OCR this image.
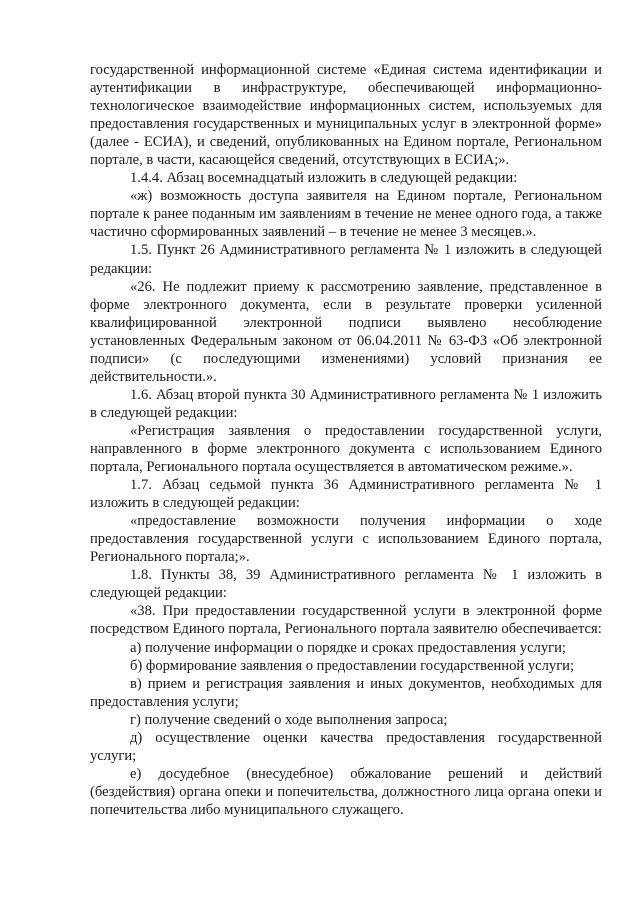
государственной информационной системе «Единая система идентификации и аутентификации в инфраструктуре, обеспечивающей информационно-технологическое взаимодействие информационных систем, используемых для предоставления государственных и муниципальных услуг в электронной форме» (далее - ЕСИА), и сведений, опубликованных на Едином портале, Региональном портале, в части, касающейся сведений, отсутствующих в ЕСИА;».

1.4.4. Абзац восемнадцатый изложить в следующей редакции:

«ж) возможность доступа заявителя на Едином портале, Региональном портале к ранее поданным им заявлениям в течение не менее одного года, а также частично сформированных заявлений – в течение не менее 3 месяцев.».

1.5. Пункт 26 Административного регламента № 1 изложить в следующей редакции:

«26. Не подлежит приему к рассмотрению заявление, представленное в форме электронного документа, если в результате проверки усиленной квалифицированной электронной подписи выявлено несоблюдение установленных Федеральным законом от 06.04.2011 № 63-ФЗ «Об электронной подписи» (с последующими изменениями) условий признания ее действительности.».

1.6. Абзац второй пункта 30 Административного регламента № 1 изложить в следующей редакции:

«Регистрация заявления о предоставлении государственной услуги, направленного в форме электронного документа с использованием Единого портала, Регионального портала осуществляется в автоматическом режиме.».

1.7. Абзац седьмой пункта 36 Административного регламента № 1 изложить в следующей редакции:

«предоставление возможности получения информации о ходе предоставления государственной услуги с использованием Единого портала, Регионального портала;».

1.8. Пункты 38, 39 Административного регламента № 1 изложить в следующей редакции:

«38. При предоставлении государственной услуги в электронной форме посредством Единого портала, Регионального портала заявителю обеспечивается:

а) получение информации о порядке и сроках предоставления услуги;

б) формирование заявления о предоставлении государственной услуги;

в) прием и регистрация заявления и иных документов, необходимых для предоставления услуги;

г) получение сведений о ходе выполнения запроса;

д) осуществление оценки качества предоставления государственной услуги;

е) досудебное (внесудебное) обжалование решений и действий (бездействия) органа опеки и попечительства, должностного лица органа опеки и попечительства либо муниципального служащего.
